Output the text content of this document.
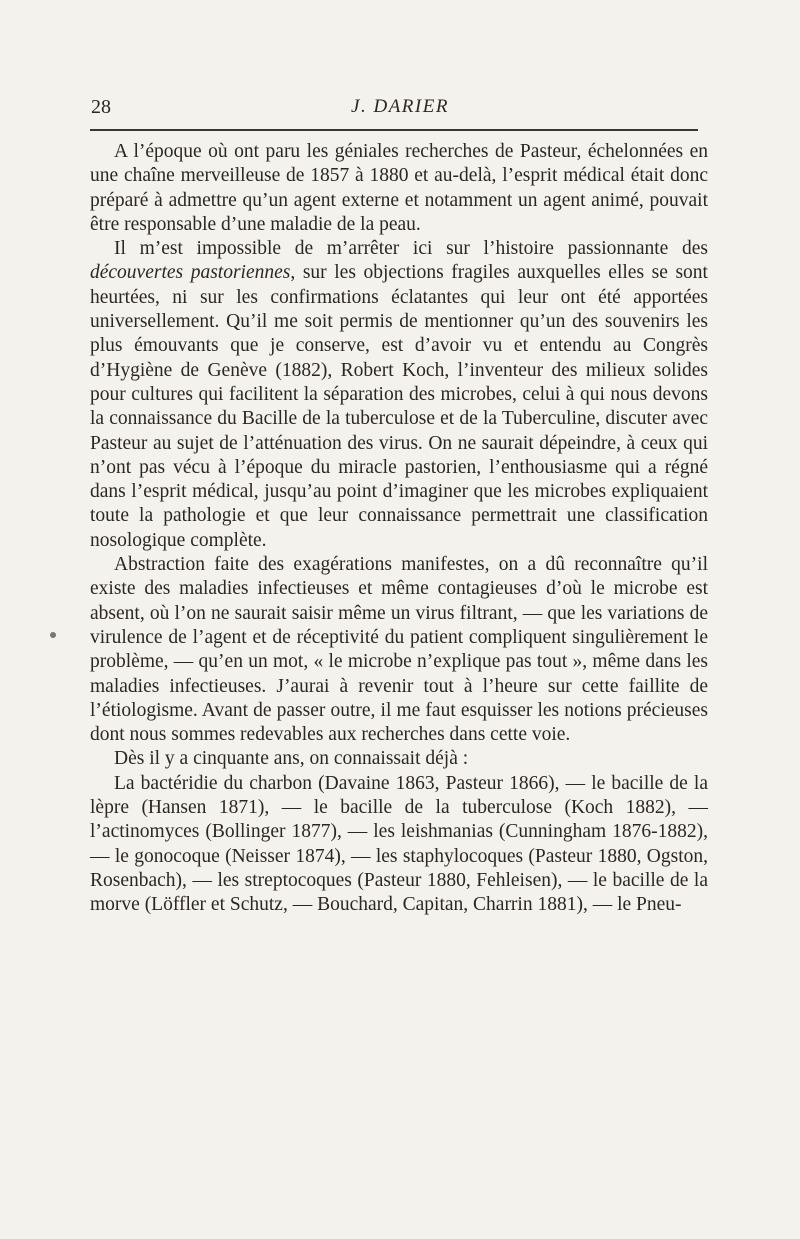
28	J. DARIER

A l’époque où ont paru les géniales recherches de Pasteur, échelonnées en une chaîne merveilleuse de 1857 à 1880 et au-delà, l’esprit médical était donc préparé à admettre qu’un agent externe et notamment un agent animé, pouvait être responsable d’une maladie de la peau.

Il m’est impossible de m’arrêter ici sur l’histoire passionnante des découvertes pastoriennes, sur les objections fragiles auxquelles elles se sont heurtées, ni sur les confirmations éclatantes qui leur ont été apportées universellement. Qu’il me soit permis de mentionner qu’un des souvenirs les plus émouvants que je conserve, est d’avoir vu et entendu au Congrès d’Hygiène de Genève (1882), Robert Koch, l’inventeur des milieux solides pour cultures qui facilitent la séparation des microbes, celui à qui nous devons la connaissance du Bacille de la tuberculose et de la Tuberculine, discuter avec Pasteur au sujet de l’atténuation des virus. On ne saurait dépeindre, à ceux qui n’ont pas vécu à l’époque du miracle pastorien, l’enthousiasme qui a régné dans l’esprit médical, jusqu’au point d’imaginer que les microbes expliquaient toute la pathologie et que leur connaissance permettrait une classification nosologique complète.

Abstraction faite des exagérations manifestes, on a dû reconnaître qu’il existe des maladies infectieuses et même contagieuses d’où le microbe est absent, où l’on ne saurait saisir même un virus filtrant, — que les variations de virulence de l’agent et de réceptivité du patient compliquent singulièrement le problème, — qu’en un mot, « le microbe n’explique pas tout », même dans les maladies infectieuses. J’aurai à revenir tout à l’heure sur cette faillite de l’étiologisme. Avant de passer outre, il me faut esquisser les notions précieuses dont nous sommes redevables aux recherches dans cette voie.

Dès il y a cinquante ans, on connaissait déjà :

La bactéridie du charbon (Davaine 1863, Pasteur 1866), — le bacille de la lèpre (Hansen 1871), — le bacille de la tuberculose (Koch 1882), — l’actinomyces (Bollinger 1877), — les leishmanias (Cunningham 1876-1882), — le gonocoque (Neisser 1874), — les staphylocoques (Pasteur 1880, Ogston, Rosenbach), — les streptocoques (Pasteur 1880, Fehleisen), — le bacille de la morve (Löffler et Schutz, — Bouchard, Capitan, Charrin 1881), — le Pneu-
